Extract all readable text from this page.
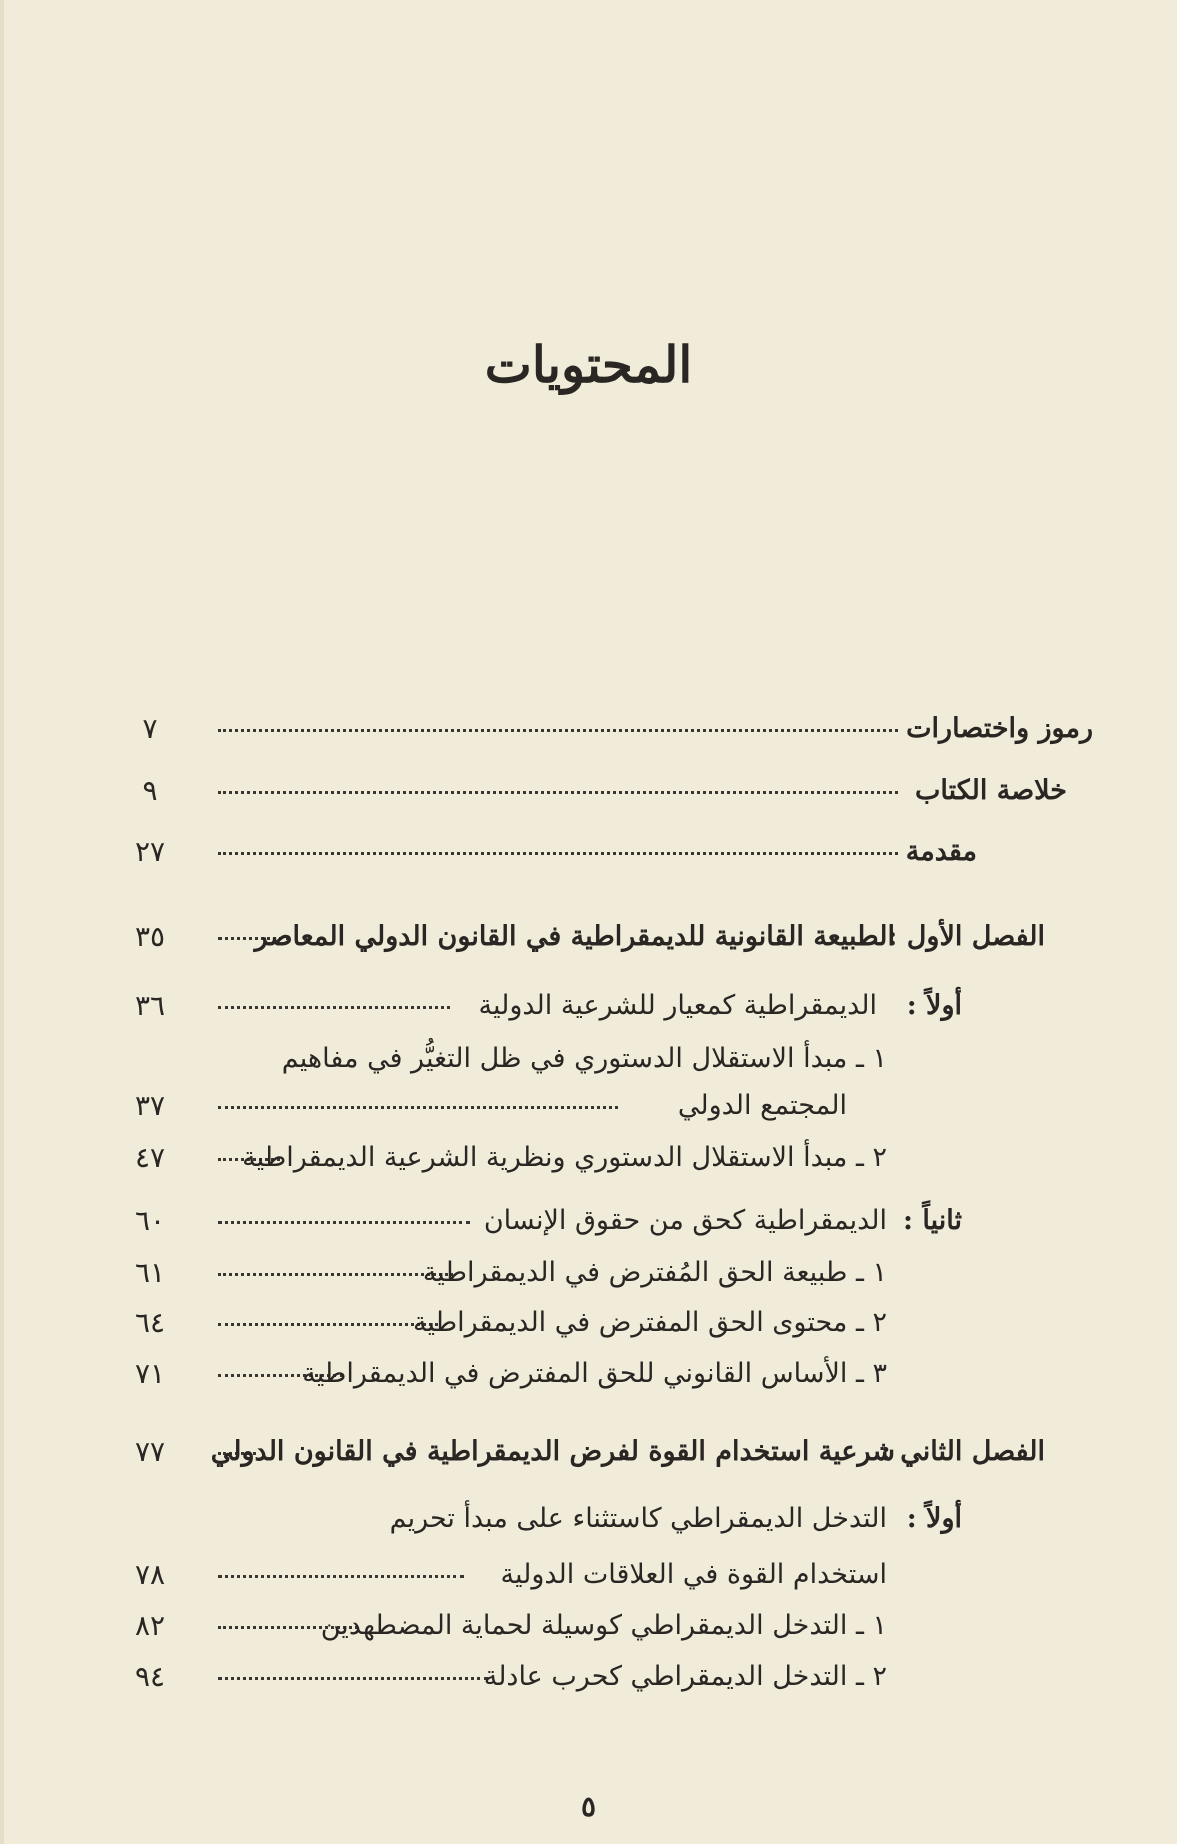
المحتويات
٧	رموز واختصارات
٩	خلاصة الكتاب
٢٧	مقدمة
٣٥	الفصل الأول :
الطبيعة القانونية للديمقراطية في القانون الدولي المعاصر
٣٦	أولاً :
الديمقراطية كمعيار للشرعية الدولية
١ ـ مبدأ الاستقلال الدستوري في ظل التغيُّر في مفاهيم
٣٧	المجتمع الدولي
٤٧	٢ ـ مبدأ الاستقلال الدستوري ونظرية الشرعية الديمقراطية
٦٠	ثانياً :
الديمقراطية كحق من حقوق الإنسان
٦١	١ ـ طبيعة الحق المُفترض في الديمقراطية
٦٤	٢ ـ محتوى الحق المفترض في الديمقراطية
٧١	٣ ـ الأساس القانوني للحق المفترض في الديمقراطية
٧٧	الفصل الثاني :
شرعية استخدام القوة لفرض الديمقراطية في القانون الدولي
أولاً :
التدخل الديمقراطي كاستثناء على مبدأ تحريم
٧٨	استخدام القوة في العلاقات الدولية
٨٢	١ ـ التدخل الديمقراطي كوسيلة لحماية المضطهدين
٩٤	٢ ـ التدخل الديمقراطي كحرب عادلة
٥
